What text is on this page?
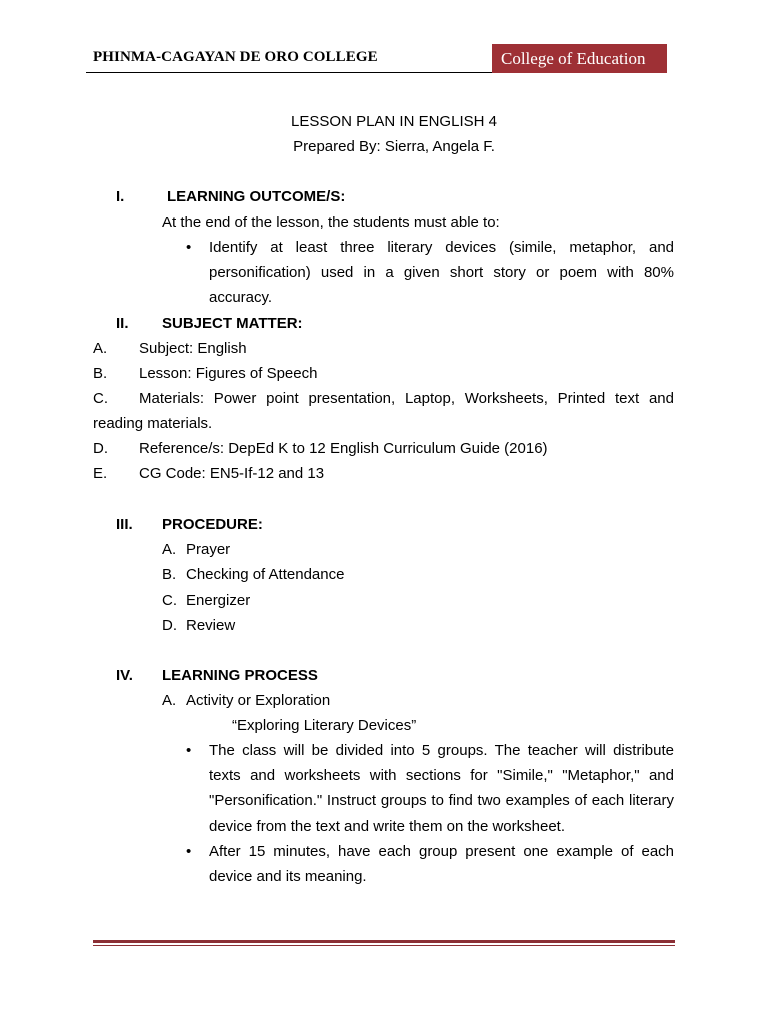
PHINMA-CAGAYAN DE ORO COLLEGE	College of Education
LESSON PLAN IN ENGLISH 4
Prepared By: Sierra, Angela F.
I.	LEARNING OUTCOME/S:
At the end of the lesson, the students must able to:
• Identify at least three literary devices (simile, metaphor, and personification) used in a given short story or poem with 80% accuracy.
II. SUBJECT MATTER:
A. Subject: English
B. Lesson: Figures of Speech
C. Materials: Power point presentation, Laptop, Worksheets, Printed text and
reading materials.
D. Reference/s: DepEd K to 12 English Curriculum Guide (2016)
E. CG Code: EN5-If-12 and 13
III. PROCEDURE:
A. Prayer
B. Checking of Attendance
C. Energizer
D. Review
IV. LEARNING PROCESS
A. Activity or Exploration
“Exploring Literary Devices”
• The class will be divided into 5 groups. The teacher will distribute texts and worksheets with sections for "Simile," "Metaphor," and "Personification." Instruct groups to find two examples of each literary device from the text and write them on the worksheet.
• After 15 minutes, have each group present one example of each device and its meaning.
